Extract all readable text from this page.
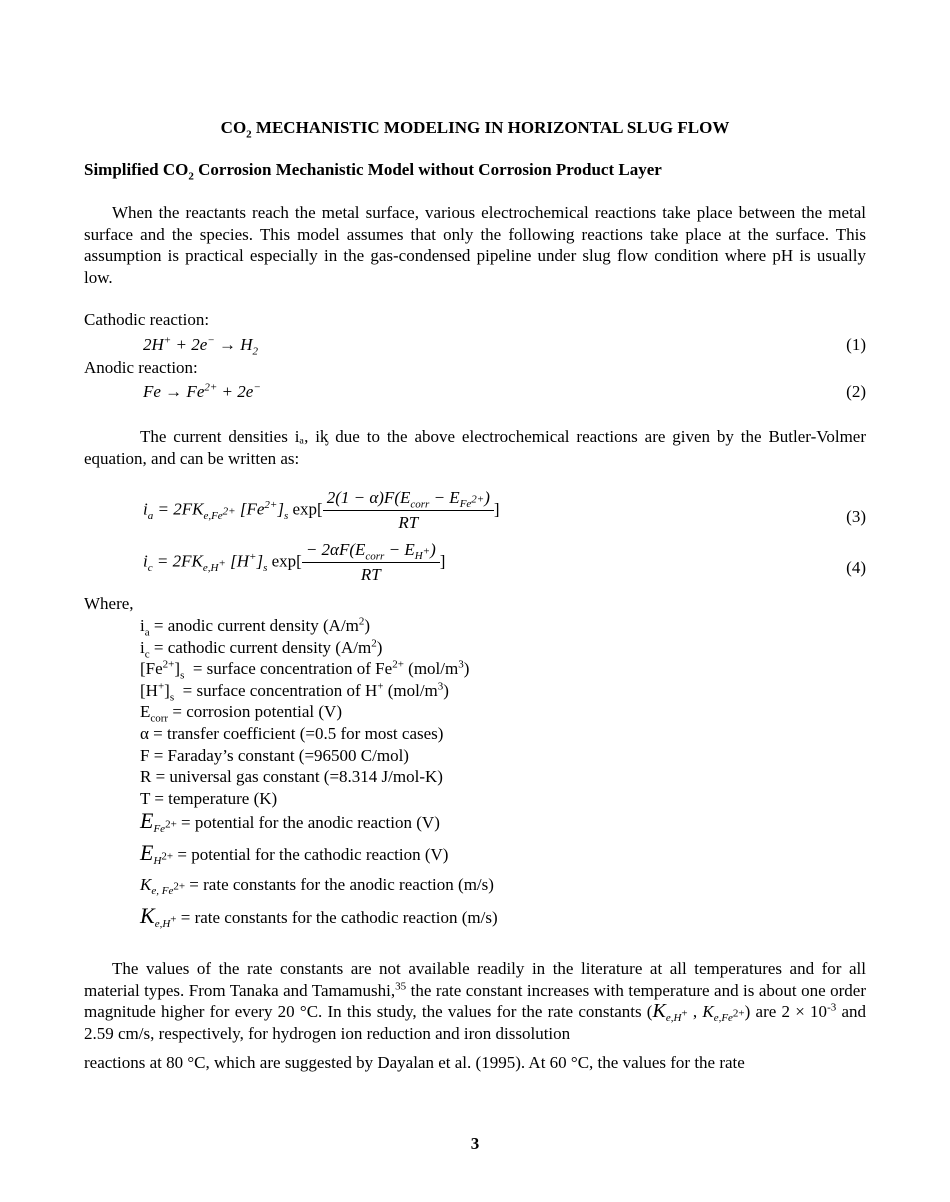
$CO_2$ MECHANISTIC MODELING IN HORIZONTAL SLUG FLOW
Simplified $CO_2$ Corrosion Mechanistic Model without Corrosion Product Layer

When the reactants reach the metal surface, various electrochemical reactions take place between the metal surface and the species. This model assumes that only the following reactions take place at the surface. This assumption is practical especially in the gas-condensed pipeline under slug flow condition where pH is usually low.

Cathodic reaction:
$2H^+ + 2e^- \to H_2$	(1)
Anodic reaction:
$Fe \to Fe^{2+} + 2e^-$	(2)

The current densities iₐ, iᶄ due to the above electrochemical reactions are given by the Butler-Volmer equation, and can be written as:

$i_a = 2FK_{e,Fe^{2+}}$ $[Fe^{2+}]_s$ $\exp[ \frac{2(1 - \alpha)F(E_{corr} - E_{Fe^{2+}})}{RT}$ ]	(3)
$i_c = 2FK_{e,H^+}$ $[H^+]_s$ $\exp[ \frac{- 2\alpha F(E_{corr} - E_{H^+})}{RT}$ ]	(4)
Where,
$i_a$ = anodic current density $(A/m^2)$
$i_c$ = cathodic current density $(A/m^2)$
$[Fe^{2+}]_s$ = surface concentration of $Fe^{2+}$ $(mol/m^3)$
$[H^+]_s$ = surface concentration of H+ $(mol/m^3)$
$E_{corr}$ = corrosion potential (V)
α = transfer coefficient (=0.5 for most cases)
F = Faraday’s constant (=96500 C/mol)
R = universal gas constant (=8.314 J/mol-K)
T = temperature (K)
$E_{Fe^{2+}}$ = potential for the anodic reaction (V)
$E_{H^{2+}}$ = potential for the cathodic reaction (V)
$K_{e, Fe^{2+}}$ = rate constants for the anodic reaction (m/s)
$K_{e,H^+}$ = rate constants for the cathodic reaction (m/s)

The values of the rate constants are not available readily in the literature at all temperatures and for all material types. From Tanaka and Tamamushi,$^{35}$ the rate constant increases with temperature and is about one order magnitude higher for every 20 °C. In this study, the values for the rate constants ($K_{e,H^+}$ , $K_{e,Fe^{2+}}$) are $2 \times 10^{-3}$ and 2.59 cm/s, respectively, for hydrogen ion reduction and iron dissolution
reactions at 80 °C, which are suggested by Dayalan et al. (1995). At 60 °C, the values for the rate

3
